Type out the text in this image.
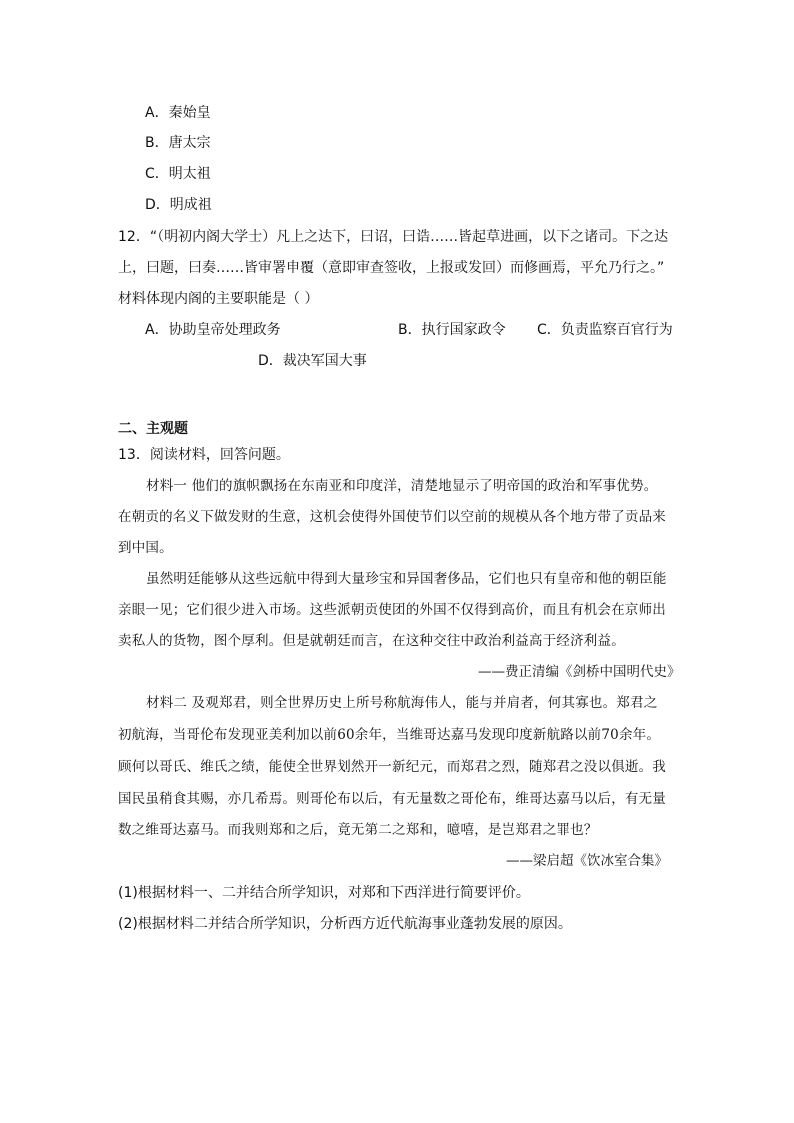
A．秦始皇
B．唐太宗
C．明太祖
D．明成祖
12．“（明初内阁大学士）凡上之达下，曰诏，曰诰……皆起草进画，以下之诸司。下之达
上，曰题，曰奏……皆审署申覆（意即审查签收，上报或发回）而修画焉，平允乃行之。”
材料体现内阁的主要职能是（ ）
A．协助皇帝处理政务	B．执行国家政令 C．负责监察百官行为
D．裁决军国大事
二、主观题
13．阅读材料，回答问题。
材料一 他们的旗帜飘扬在东南亚和印度洋，清楚地显示了明帝国的政治和军事优势。
在朝贡的名义下做发财的生意，这机会使得外国使节们以空前的规模从各个地方带了贡品来
到中国。
虽然明廷能够从这些远航中得到大量珍宝和异国奢侈品，它们也只有皇帝和他的朝臣能
亲眼一见；它们很少进入市场。这些派朝贡使团的外国不仅得到高价，而且有机会在京师出
卖私人的货物，图个厚利。但是就朝廷而言，在这种交往中政治利益高于经济利益。
——费正清编《剑桥中国明代史》
材料二 及观郑君，则全世界历史上所号称航海伟人，能与并肩者，何其寡也。郑君之
初航海，当哥伦布发现亚美利加以前60余年，当维哥达嘉马发现印度新航路以前70余年。
顾何以哥氏、维氏之绩，能使全世界划然开一新纪元，而郑君之烈，随郑君之没以俱逝。我
国民虽稍食其赐，亦几希焉。则哥伦布以后，有无量数之哥伦布，维哥达嘉马以后，有无量
数之维哥达嘉马。而我则郑和之后，竟无第二之郑和，噫嘻，是岂郑君之罪也？
——梁启超《饮冰室合集》
(1)根据材料一、二并结合所学知识，对郑和下西洋进行简要评价。
(2)根据材料二并结合所学知识，分析西方近代航海事业蓬勃发展的原因。
